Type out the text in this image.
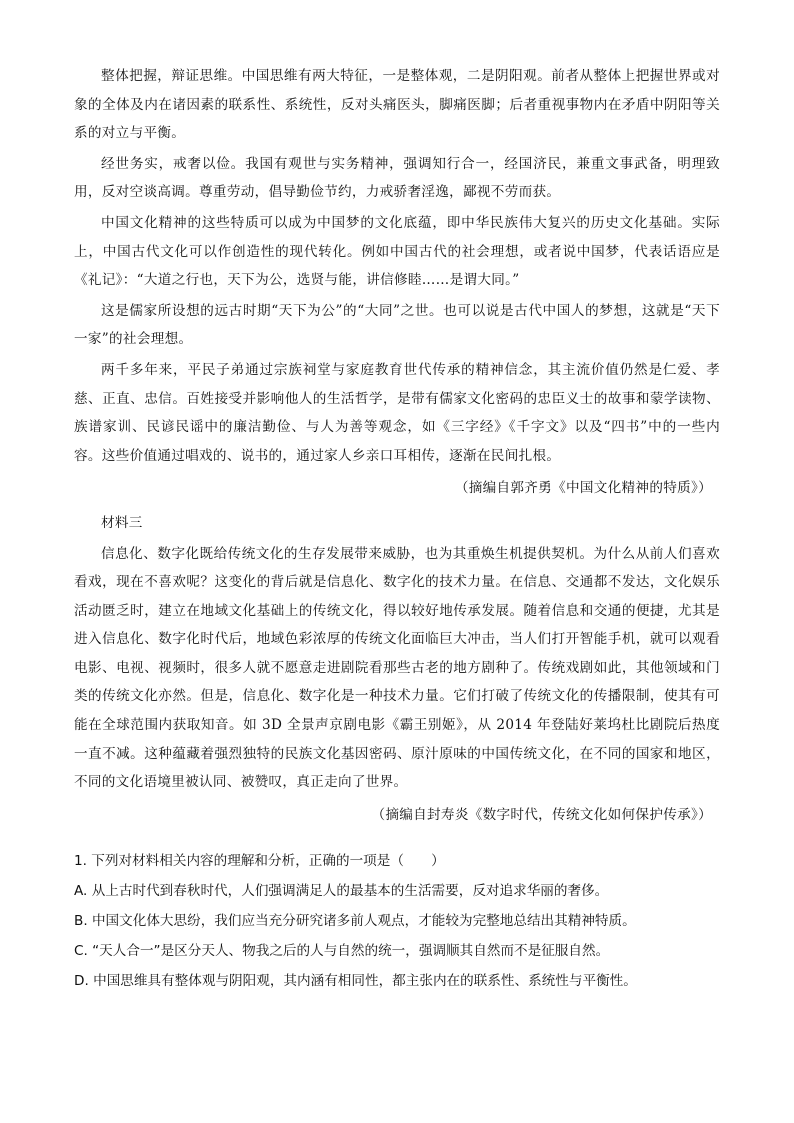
整体把握，辩证思维。中国思维有两大特征，一是整体观，二是阴阳观。前者从整体上把握世界或对象的全体及内在诸因素的联系性、系统性，反对头痛医头，脚痛医脚；后者重视事物内在矛盾中阴阳等关系的对立与平衡。

经世务实，戒奢以俭。我国有观世与实务精神，强调知行合一，经国济民，兼重文事武备，明理致用，反对空谈高调。尊重劳动，倡导勤俭节约，力戒骄奢淫逸，鄙视不劳而获。

中国文化精神的这些特质可以成为中国梦的文化底蕴，即中华民族伟大复兴的历史文化基础。实际上，中国古代文化可以作创造性的现代转化。例如中国古代的社会理想，或者说中国梦，代表话语应是《礼记》：“大道之行也，天下为公，选贤与能，讲信修睦……是谓大同。”

这是儒家所设想的远古时期“天下为公”的“大同”之世。也可以说是古代中国人的梦想，这就是“天下一家”的社会理想。

两千多年来，平民子弟通过宗族祠堂与家庭教育世代传承的精神信念，其主流价值仍然是仁爱、孝慈、正直、忠信。百姓接受并影响他人的生活哲学，是带有儒家文化密码的忠臣义士的故事和蒙学读物、族谱家训、民谚民谣中的廉洁勤俭、与人为善等观念，如《三字经》《千字文》以及“四书”中的一些内容。这些价值通过唱戏的、说书的，通过家人乡亲口耳相传，逐渐在民间扎根。

（摘编自郭齐勇《中国文化精神的特质》）

材料三

信息化、数字化既给传统文化的生存发展带来威胁，也为其重焕生机提供契机。为什么从前人们喜欢看戏，现在不喜欢呢？这变化的背后就是信息化、数字化的技术力量。在信息、交通都不发达，文化娱乐活动匮乏时，建立在地域文化基础上的传统文化，得以较好地传承发展。随着信息和交通的便捷，尤其是进入信息化、数字化时代后，地域色彩浓厚的传统文化面临巨大冲击，当人们打开智能手机，就可以观看电影、电视、视频时，很多人就不愿意走进剧院看那些古老的地方剧种了。传统戏剧如此，其他领域和门类的传统文化亦然。但是，信息化、数字化是一种技术力量。它们打破了传统文化的传播限制，使其有可能在全球范围内获取知音。如 3D 全景声京剧电影《霸王别姬》，从 2014 年登陆好莱坞杜比剧院后热度一直不减。这种蕴藏着强烈独特的民族文化基因密码、原汁原味的中国传统文化，在不同的国家和地区，不同的文化语境里被认同、被赞叹，真正走向了世界。

（摘编自封寿炎《数字时代，传统文化如何保护传承》）

1. 下列对材料相关内容的理解和分析，正确的一项是（　　）

A. 从上古时代到春秋时代，人们强调满足人的最基本的生活需要，反对追求华丽的奢侈。

B. 中国文化体大思纷，我们应当充分研究诸多前人观点，才能较为完整地总结出其精神特质。

C. “天人合一”是区分天人、物我之后的人与自然的统一，强调顺其自然而不是征服自然。

D. 中国思维具有整体观与阴阳观，其内涵有相同性，都主张内在的联系性、系统性与平衡性。
